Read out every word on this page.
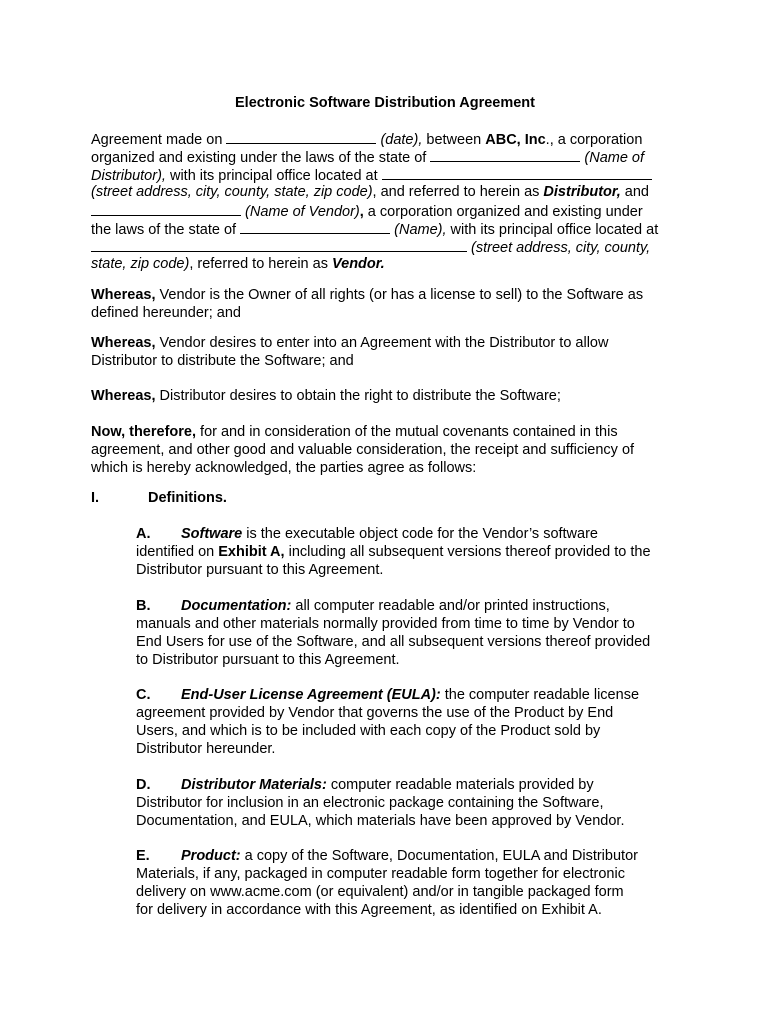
Electronic Software Distribution Agreement
Agreement made on	(date), between ABC, Inc., a corporation
organized and existing under the laws of the state of	(Name of
Distributor), with its principal office located at
(street address, city, county, state, zip code), and referred to herein as Distributor, and
(Name of Vendor), a corporation organized and existing under
the laws of the state of	(Name), with its principal office located at
(street address, city, county,
state, zip code), referred to herein as Vendor.
Whereas, Vendor is the Owner of all rights (or has a license to sell) to the Software as
defined hereunder; and
Whereas, Vendor desires to enter into an Agreement with the Distributor to allow
Distributor to distribute the Software; and
Whereas, Distributor desires to obtain the right to distribute the Software;
Now, therefore, for and in consideration of the mutual covenants contained in this
agreement, and other good and valuable consideration, the receipt and sufficiency of
which is hereby acknowledged, the parties agree as follows:
I.	Definitions.
A. Software is the executable object code for the Vendor’s software
identified on Exhibit A, including all subsequent versions thereof provided to the
Distributor pursuant to this Agreement.
B. Documentation: all computer readable and/or printed instructions,
manuals and other materials normally provided from time to time by Vendor to
End Users for use of the Software, and all subsequent versions thereof provided
to Distributor pursuant to this Agreement.
C. End-User License Agreement (EULA): the computer readable license
agreement provided by Vendor that governs the use of the Product by End
Users, and which is to be included with each copy of the Product sold by
Distributor hereunder.
D. Distributor Materials: computer readable materials provided by
Distributor for inclusion in an electronic package containing the Software,
Documentation, and EULA, which materials have been approved by Vendor.
E. Product: a copy of the Software, Documentation, EULA and Distributor
Materials, if any, packaged in computer readable form together for electronic
delivery on www.acme.com (or equivalent) and/or in tangible packaged form
for delivery in accordance with this Agreement, as identified on Exhibit A.
